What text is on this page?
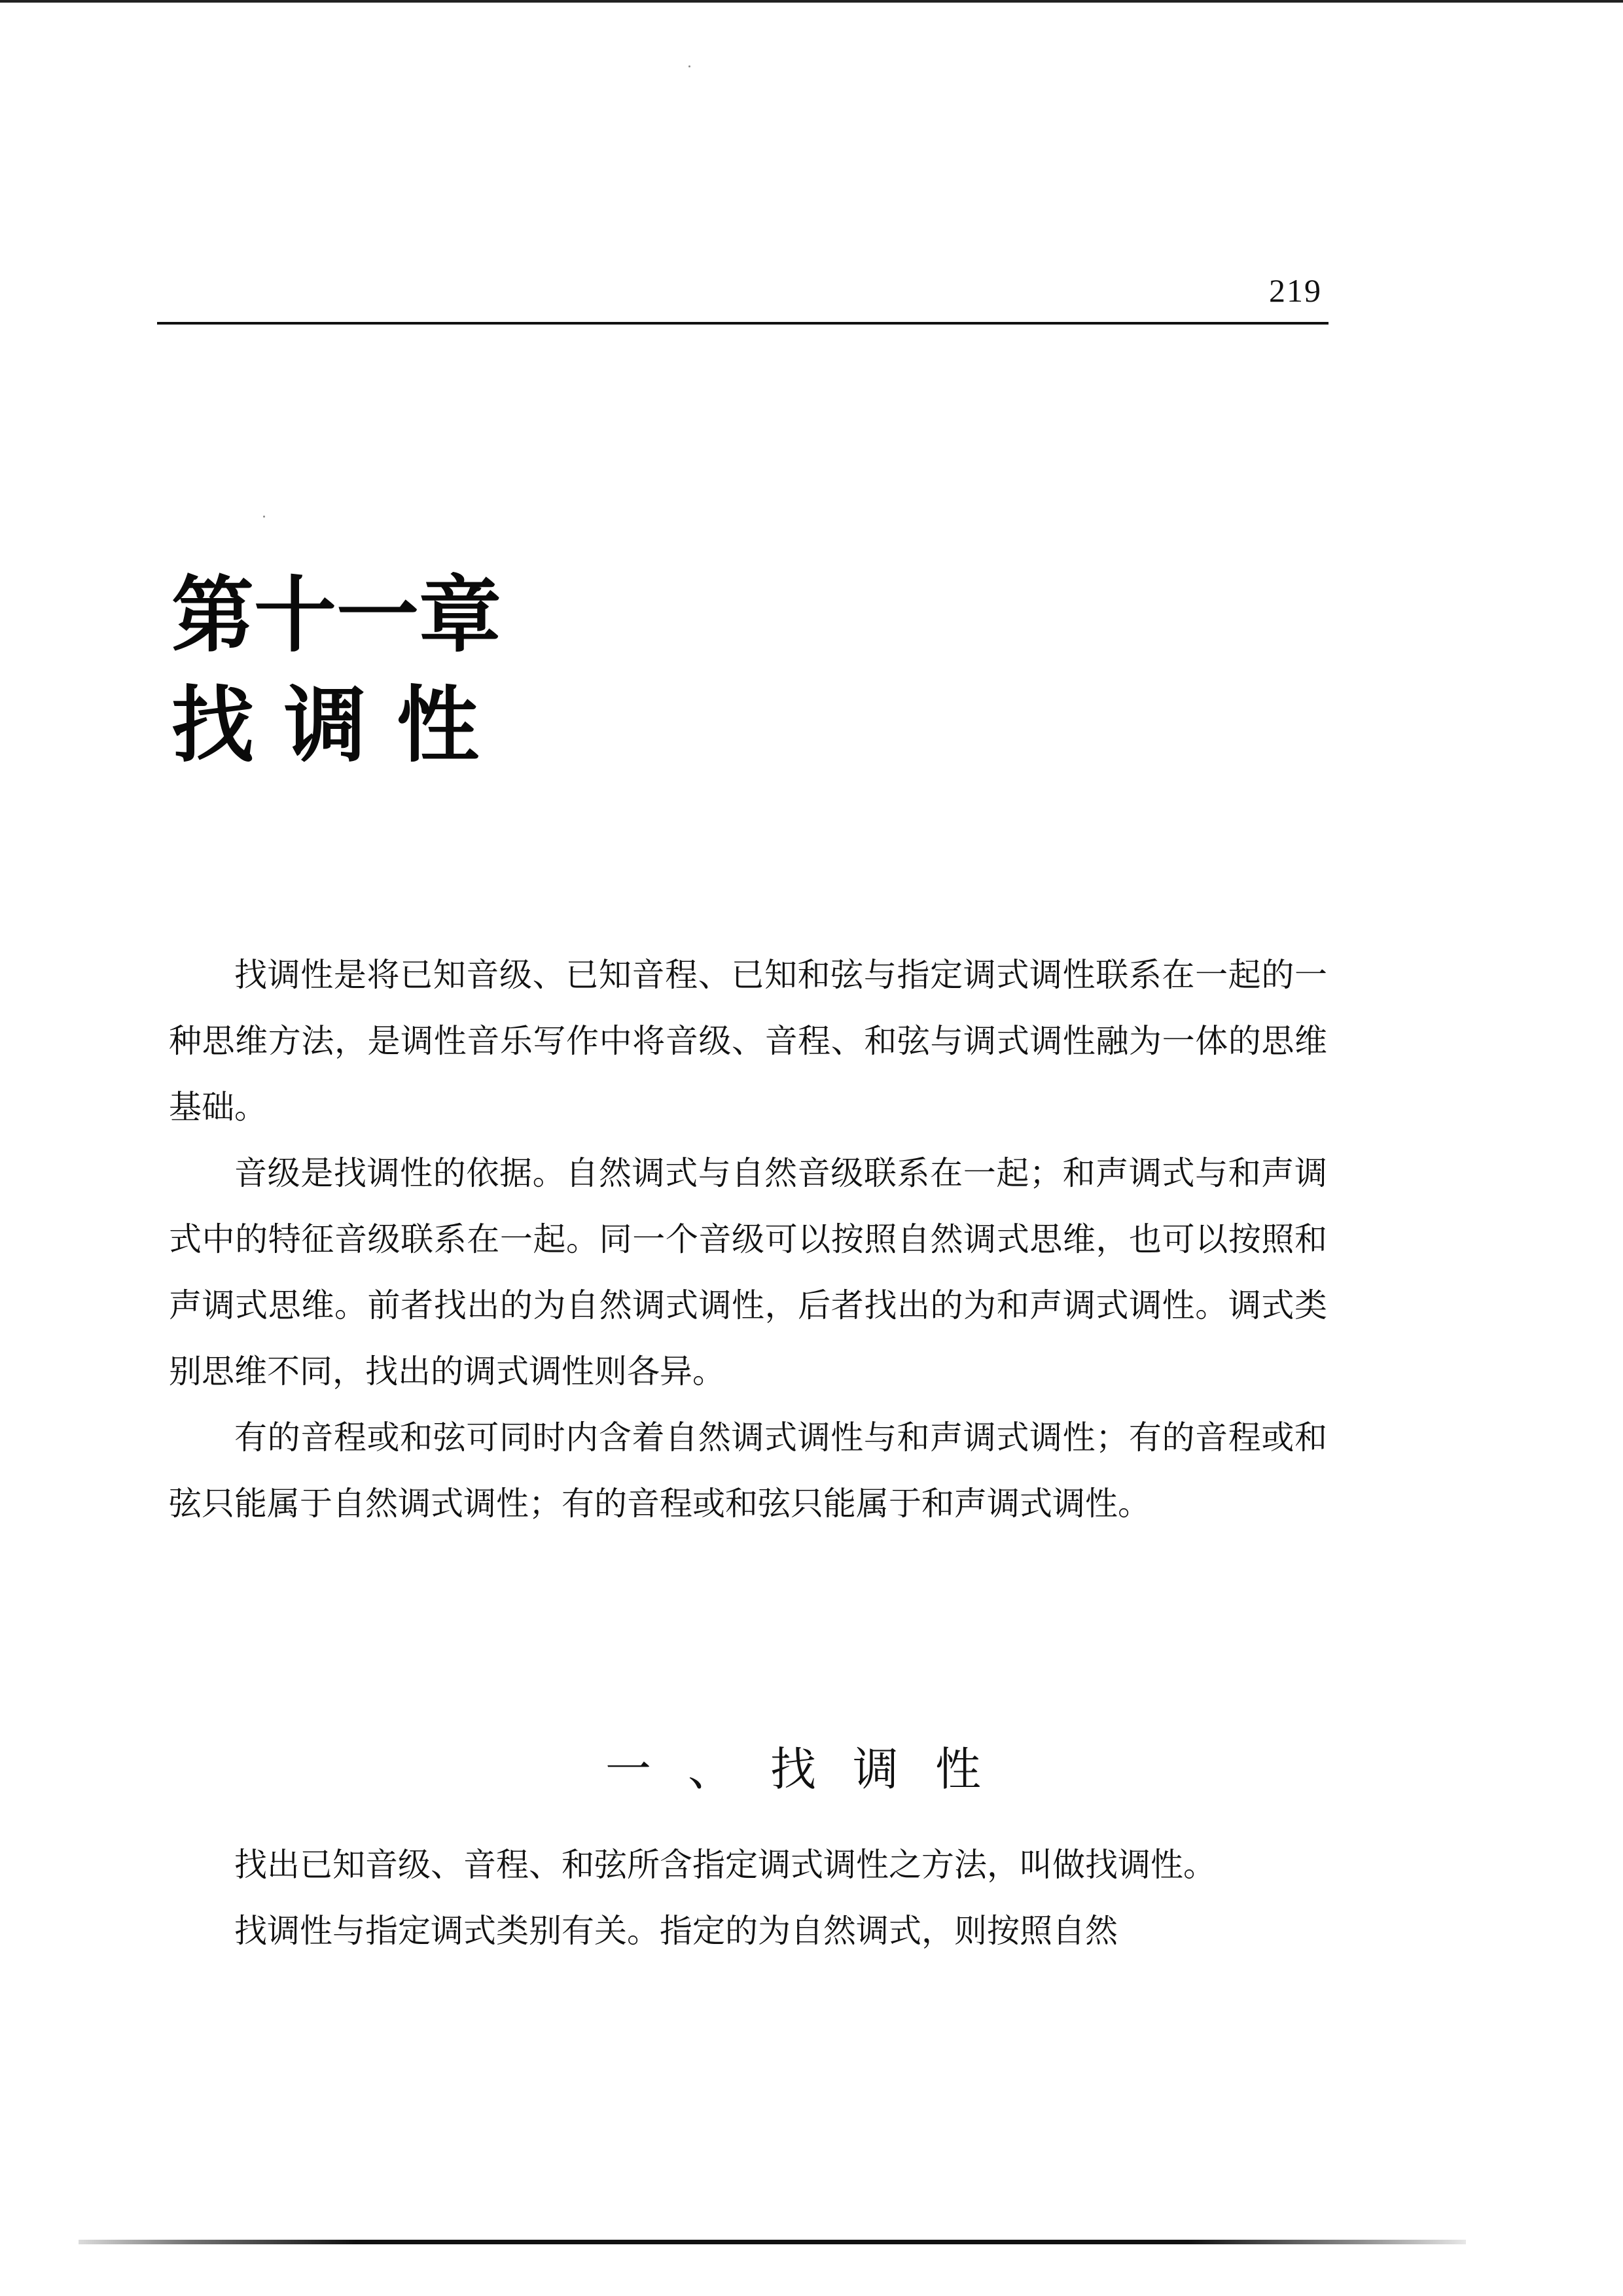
219
第十一章
找调性

找调性是将已知音级、已知音程、已知和弦与指定调式调性联系在一起的一种思维方法，是调性音乐写作中将音级、音程、和弦与调式调性融为一体的思维基础。

音级是找调性的依据。自然调式与自然音级联系在一起；和声调式与和声调式中的特征音级联系在一起。同一个音级可以按照自然调式思维，也可以按照和声调式思维。前者找出的为自然调式调性，后者找出的为和声调式调性。调式类别思维不同，找出的调式调性则各异。

有的音程或和弦可同时内含着自然调式调性与和声调式调性；有的音程或和弦只能属于自然调式调性；有的音程或和弦只能属于和声调式调性。

一、找调性

找出已知音级、音程、和弦所含指定调式调性之方法，叫做找调性。

找调性与指定调式类别有关。指定的为自然调式，则按照自然
